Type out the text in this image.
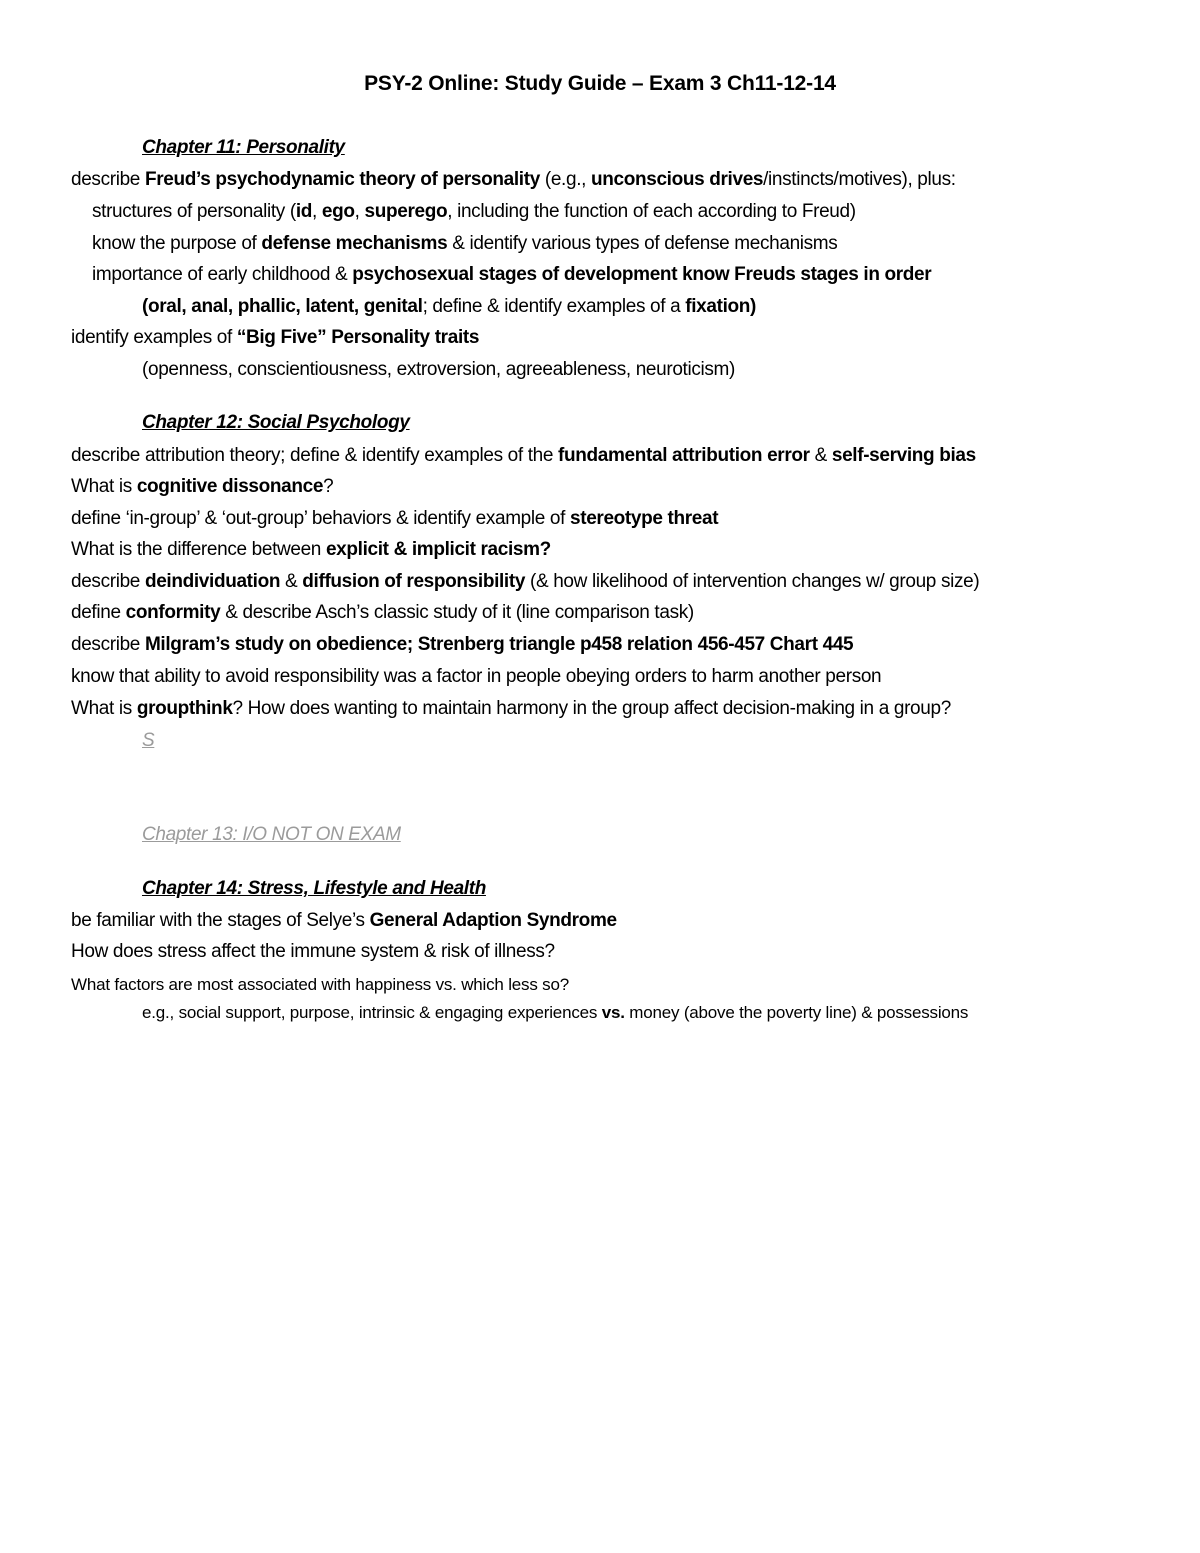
PSY-2 Online: Study Guide – Exam 3 Ch11-12-14
Chapter 11: Personality
describe Freud’s psychodynamic theory of personality (e.g., unconscious drives/instincts/motives), plus:
structures of personality (id, ego, superego, including the function of each according to Freud)
know the purpose of defense mechanisms & identify various types of defense mechanisms
importance of early childhood & psychosexual stages of development know Freuds stages in order
(oral, anal, phallic, latent, genital; define & identify examples of a fixation)
identify examples of “Big Five” Personality traits
(openness, conscientiousness, extroversion, agreeableness, neuroticism)
Chapter 12: Social Psychology
describe attribution theory; define & identify examples of the fundamental attribution error & self-serving bias
What is cognitive dissonance?
define ‘in-group’ & ‘out-group’ behaviors & identify example of stereotype threat
What is the difference between explicit & implicit racism?
describe deindividuation & diffusion of responsibility (& how likelihood of intervention changes w/ group size)
define conformity & describe Asch’s classic study of it (line comparison task)
describe Milgram’s study on obedience; Strenberg triangle p458 relation 456-457 Chart 445
know that ability to avoid responsibility was a factor in people obeying orders to harm another person
What is groupthink? How does wanting to maintain harmony in the group affect decision-making in a group?
S
Chapter 13: I/O NOT ON EXAM
Chapter 14: Stress, Lifestyle and Health
be familiar with the stages of Selye’s General Adaption Syndrome
How does stress affect the immune system & risk of illness?
What factors are most associated with happiness vs. which less so?
e.g., social support, purpose, intrinsic & engaging experiences vs. money (above the poverty line) & possessions
